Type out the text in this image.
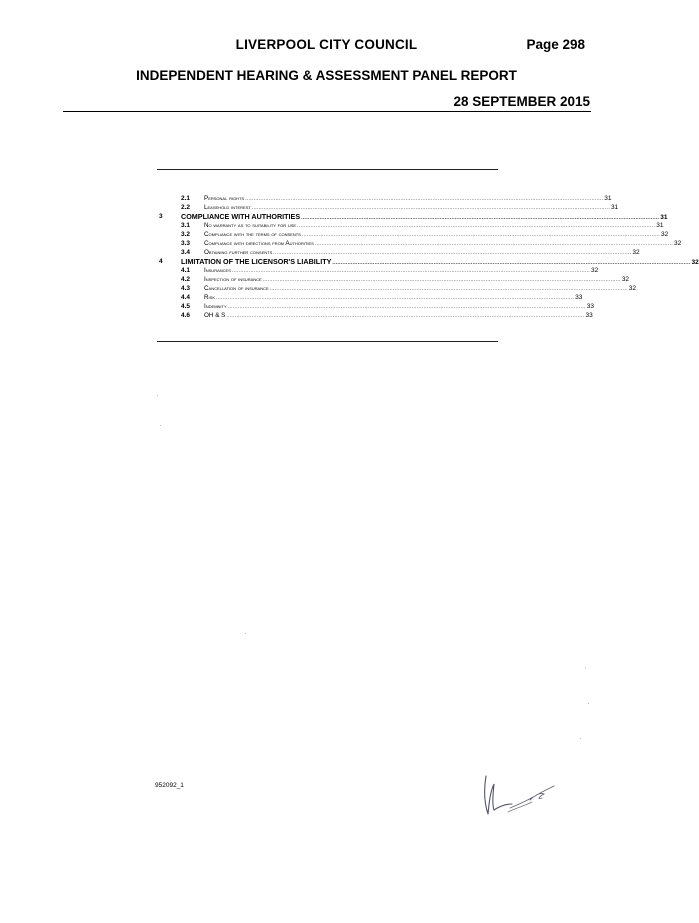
LIVERPOOL CITY COUNCIL	Page 298
INDEPENDENT HEARING & ASSESSMENT PANEL REPORT
28 SEPTEMBER 2015
2.1 Personal rights .................................................................................................................................................................................................................... 31
2.2 Leasehold interest .................................................................................................................................................................................................................... 31
3	COMPLIANCE WITH AUTHORITIES .................................................................................................................................................................................................................... 31
3.1 No warranty as to suitability for use .................................................................................................................................................................................................................... 31
3.2 Compliance with the terms of consents .................................................................................................................................................................................................................... 32
3.3 Compliance with directions from Authorities .................................................................................................................................................................................................................... 32
3.4 Obtaining further consents .................................................................................................................................................................................................................... 32
4	LIMITATION OF THE LICENSOR'S LIABILITY .................................................................................................................................................................................................................... 32
4.1 Insurances .................................................................................................................................................................................................................... 32
4.2 Inspection of insurance .................................................................................................................................................................................................................... 32
4.3 Cancellation of insurance .................................................................................................................................................................................................................... 32
4.4 Risk .................................................................................................................................................................................................................... 33
4.5 Indemnity .................................................................................................................................................................................................................... 33
4.6 OH & S .................................................................................................................................................................................................................... 33
952092_1
